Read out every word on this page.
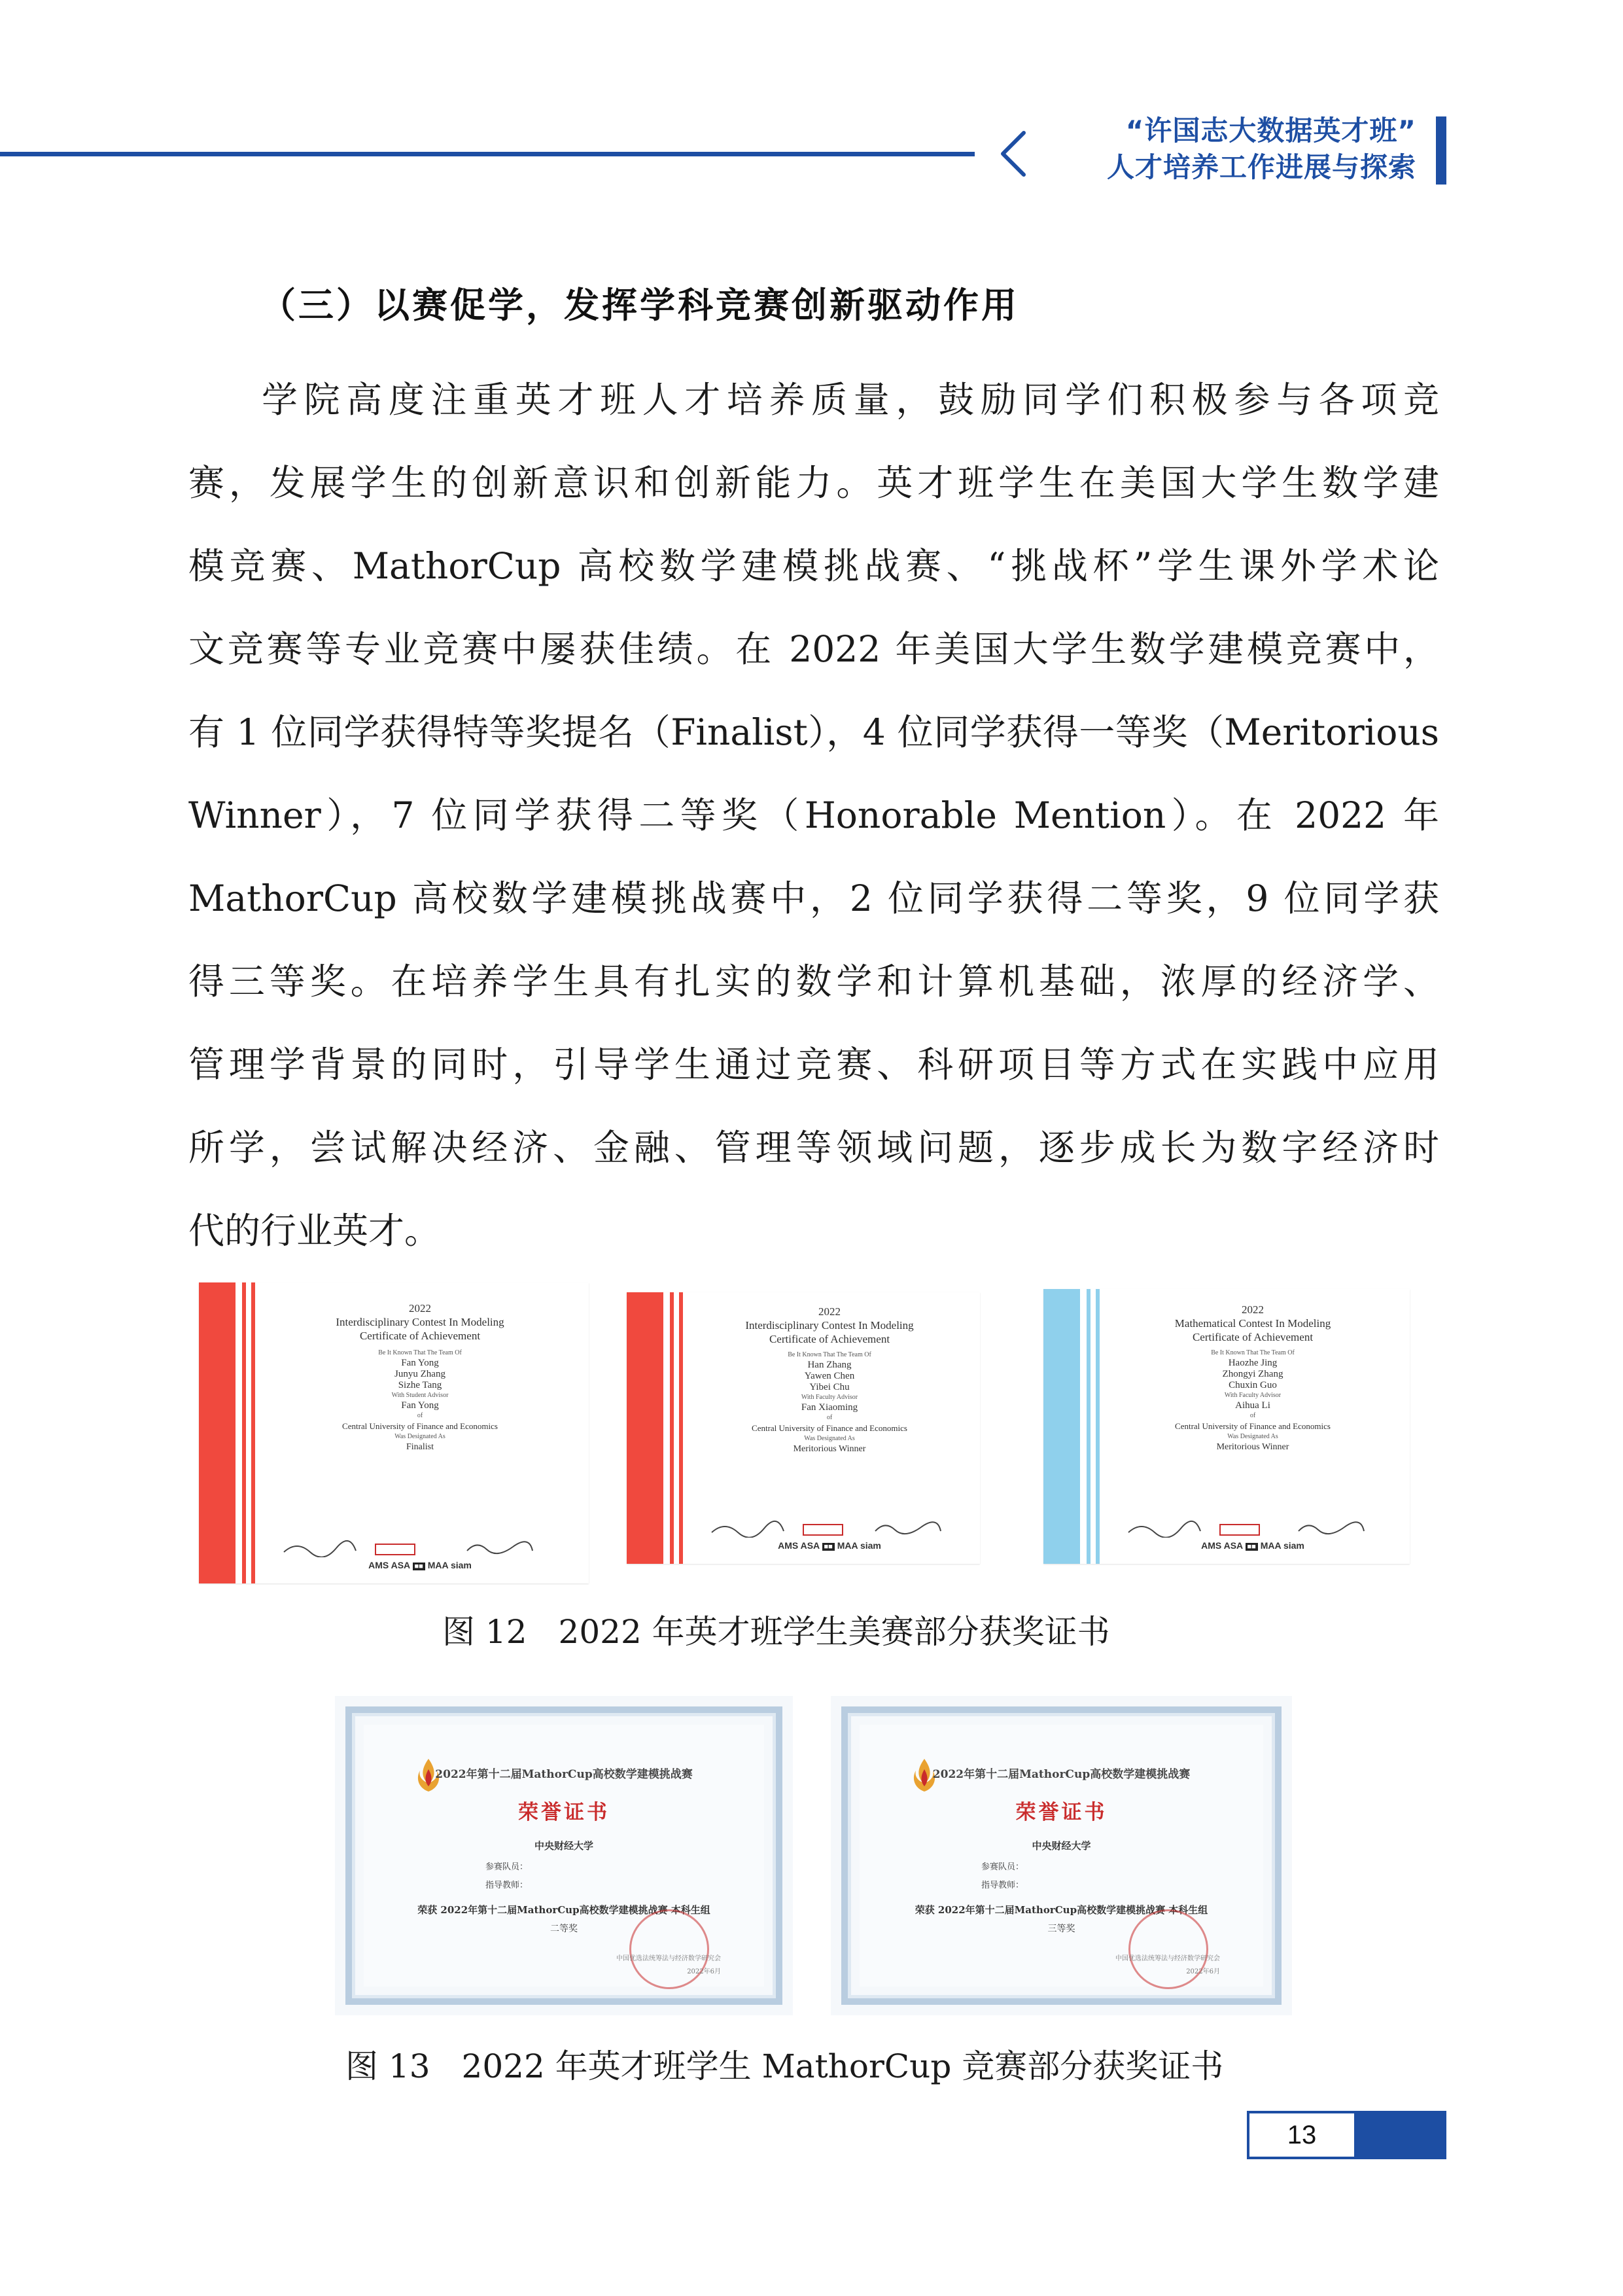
“许国志大数据英才班”
人才培养工作进展与探索
（三）以赛促学，发挥学科竞赛创新驱动作用
学院高度注重英才班人才培养质量，鼓励同学们积极参与各项竞
赛，发展学生的创新意识和创新能力。英才班学生在美国大学生数学建
模竞赛、MathorCup 高校数学建模挑战赛、“挑战杯”学生课外学术论
文竞赛等专业竞赛中屡获佳绩。在 2022 年美国大学生数学建模竞赛中，
有 1 位同学获得特等奖提名（Finalist），4 位同学获得一等奖（Meritorious
Winner），7 位同学获得二等奖（Honorable Mention）。在 2022 年
MathorCup 高校数学建模挑战赛中，2 位同学获得二等奖，9 位同学获
得三等奖。在培养学生具有扎实的数学和计算机基础，浓厚的经济学、
管理学背景的同时，引导学生通过竞赛、科研项目等方式在实践中应用
所学，尝试解决经济、金融、管理等领域问题，逐步成长为数字经济时
代的行业英才。
2022
Interdisciplinary Contest In Modeling
Certificate of Achievement
Be It Known That The Team Of
Fan Yong
Junyu Zhang
Sizhe Tang
With Student Advisor
Fan Yong
of
Central University of Finance and Economics
Was Designated As
Finalist
AMS ASA ■■ MAA siam
2022
Interdisciplinary Contest In Modeling
Certificate of Achievement
Be It Known That The Team Of
Han Zhang
Yawen Chen
Yibei Chu
With Faculty Advisor
Fan Xiaoming
of
Central University of Finance and Economics
Was Designated As
Meritorious Winner
AMS ASA ■■ MAA siam
2022
Mathematical Contest In Modeling
Certificate of Achievement
Be It Known That The Team Of
Haozhe Jing
Zhongyi Zhang
Chuxin Guo
With Faculty Advisor
Aihua Li
of
Central University of Finance and Economics
Was Designated As
Meritorious Winner
AMS ASA ■■ MAA siam
图 12 2022 年英才班学生美赛部分获奖证书
2022年第十二届MathorCup高校数学建模挑战赛
荣誉证书
中央财经大学
参赛队员：
指导教师：
荣获 2022年第十二届MathorCup高校数学建模挑战赛 本科生组
二等奖
中国优选法统筹法与经济数学研究会
2022年6月
2022年第十二届MathorCup高校数学建模挑战赛
荣誉证书
中央财经大学
参赛队员：
指导教师：
荣获 2022年第十二届MathorCup高校数学建模挑战赛 本科生组
三等奖
中国优选法统筹法与经济数学研究会
2022年6月
图 13 2022 年英才班学生 MathorCup 竞赛部分获奖证书
13
